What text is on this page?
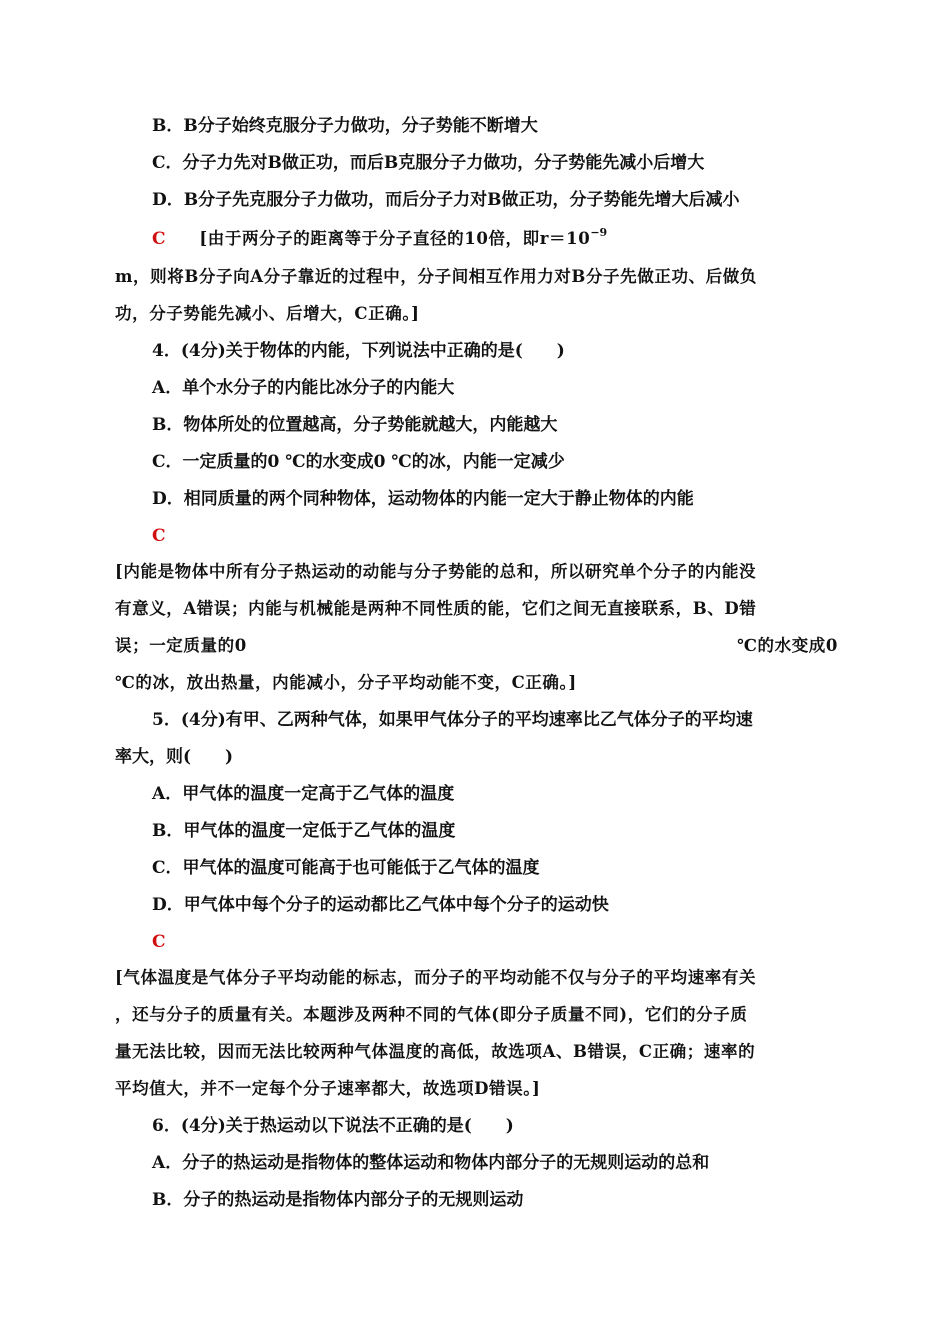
B．B分子始终克服分子力做功，分子势能不断增大
C．分子力先对B做正功，而后B克服分子力做功，分子势能先减小后增大
D．B分子先克服分子力做功，而后分子力对B做正功，分子势能先增大后减小
C [由于两分子的距离等于分子直径的10倍，即$r=10^{-9}$
m，则将B分子向A分子靠近的过程中，分子间相互作用力对B分子先做正功、后做负
功，分子势能先减小、后增大，C正确。]
4．(4分)关于物体的内能，下列说法中正确的是(　　)
A．单个水分子的内能比冰分子的内能大
B．物体所处的位置越高，分子势能就越大，内能越大
C．一定质量的0 ℃的水变成0 ℃的冰，内能一定减少
D．相同质量的两个同种物体，运动物体的内能一定大于静止物体的内能
C
[内能是物体中所有分子热运动的动能与分子势能的总和，所以研究单个分子的内能没
有意义，A错误；内能与机械能是两种不同性质的能，它们之间无直接联系，B、D错
误；一定质量的0	℃的水变成0
℃的冰，放出热量，内能减小，分子平均动能不变，C正确。]
5．(4分)有甲、乙两种气体，如果甲气体分子的平均速率比乙气体分子的平均速
率大，则(　　)
A．甲气体的温度一定高于乙气体的温度
B．甲气体的温度一定低于乙气体的温度
C．甲气体的温度可能高于也可能低于乙气体的温度
D．甲气体中每个分子的运动都比乙气体中每个分子的运动快
C
[气体温度是气体分子平均动能的标志，而分子的平均动能不仅与分子的平均速率有关
，还与分子的质量有关。本题涉及两种不同的气体(即分子质量不同)，它们的分子质
量无法比较，因而无法比较两种气体温度的高低，故选项A、B错误，C正确；速率的
平均值大，并不一定每个分子速率都大，故选项D错误。]
6．(4分)关于热运动以下说法不正确的是(　　)
A．分子的热运动是指物体的整体运动和物体内部分子的无规则运动的总和
B．分子的热运动是指物体内部分子的无规则运动
